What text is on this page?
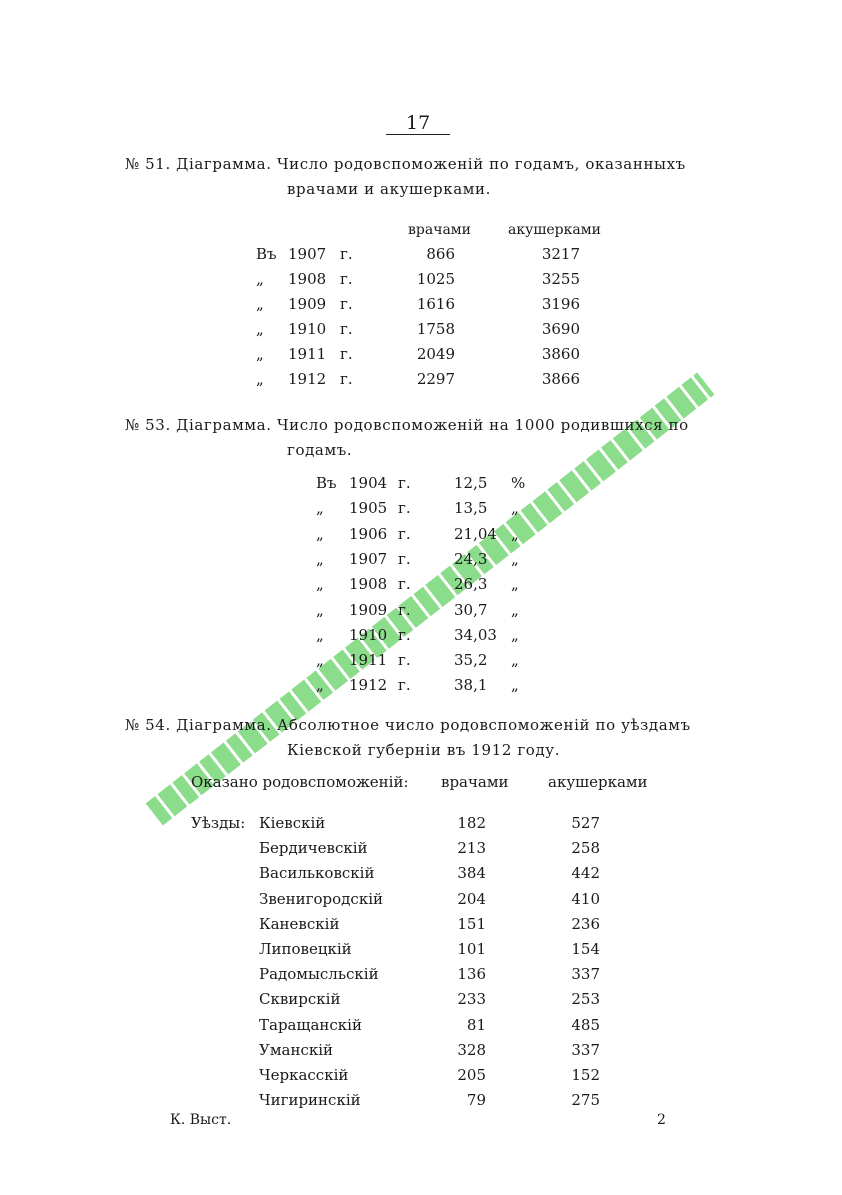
17
№ 51. Діаграмма. Число родовспоможеній по годамъ, оказанныхъ
врачами и акушерками.
врачами	акушерками
Въ 1907 г.	866	3217
„ 1908 г.	1025	3255
„ 1909 г.	1616	3196
„ 1910 г.	1758	3690
„ 1911 г.	2049	3860
„ 1912 г.	2297	3866
№ 53. Діаграмма. Число родовспоможеній на 1000 родившихся по
годамъ.
Въ 1904 г.	12,5 %
„ 1905 г.	13,5 „
„ 1906 г.	21,04 „
„ 1907 г.	24,3 „
„ 1908 г.	26,3 „
„ 1909 г.	30,7 „
„ 1910 г.	34,03 „
„ 1911 г.	35,2 „
„ 1912 г.	38,1 „
№ 54. Діаграмма. Абсолютное число родовспоможеній по уѣздамъ
Кіевской губерніи въ 1912 году.
Оказано родовспоможеній: врачами	акушерками
Уѣзды: Кіевскій	182	527
Бердичевскій	213	258
Васильковскій	384	442
Звенигородскій	204	410
Каневскій	151	236
Липовецкій	101	154
Радомысльскій	136	337
Сквирскій	233	253
Таращанскій	81	485
Уманскій	328	337
Черкасскій	205	152
Чигиринскій	79	275
К. Выст.	2
